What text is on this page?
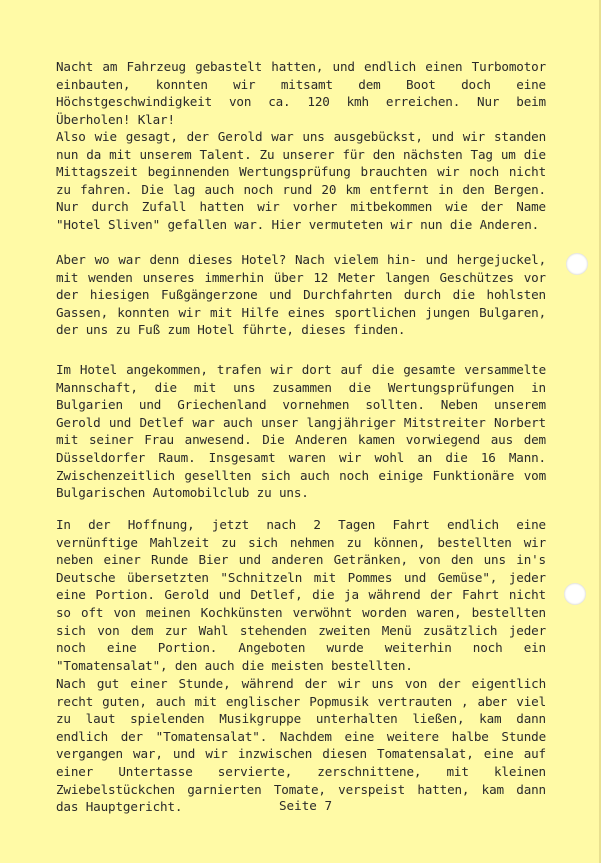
Nacht am Fahrzeug gebastelt hatten, und endlich einen Turbomotor einbauten, konnten wir mitsamt dem Boot doch eine Höchstgeschwindigkeit von ca. 120 kmh erreichen. Nur beim Überholen! Klar!

Also wie gesagt, der Gerold war uns ausgebückst, und wir standen nun da mit unserem Talent. Zu unserer für den nächsten Tag um die Mittagszeit beginnenden Wertungsprüfung brauchten wir noch nicht zu fahren. Die lag auch noch rund 20 km entfernt in den Bergen. Nur durch Zufall hatten wir vorher mitbekommen wie der Name "Hotel Sliven" gefallen war. Hier vermuteten wir nun die Anderen.

Aber wo war denn dieses Hotel? Nach vielem hin- und hergejuckel, mit wenden unseres immerhin über 12 Meter langen Geschützes vor der hiesigen Fußgängerzone und Durchfahrten durch die hohlsten Gassen, konnten wir mit Hilfe eines sportlichen jungen Bulgaren, der uns zu Fuß zum Hotel führte, dieses finden.

Im Hotel angekommen, trafen wir dort auf die gesamte versammelte Mannschaft, die mit uns zusammen die Wertungsprüfungen in Bulgarien und Griechenland vornehmen sollten. Neben unserem Gerold und Detlef war auch unser langjähriger Mitstreiter Norbert mit seiner Frau anwesend. Die Anderen kamen vorwiegend aus dem Düsseldorfer Raum. Insgesamt waren wir wohl an die 16 Mann. Zwischenzeitlich gesellten sich auch noch einige Funktionäre vom Bulgarischen Automobilclub zu uns.

In der Hoffnung, jetzt nach 2 Tagen Fahrt endlich eine vernünftige Mahlzeit zu sich nehmen zu können, bestellten wir neben einer Runde Bier und anderen Getränken, von den uns in's Deutsche übersetzten "Schnitzeln mit Pommes und Gemüse", jeder eine Portion. Gerold und Detlef, die ja während der Fahrt nicht so oft von meinen Kochkünsten verwöhnt worden waren, bestellten sich von dem zur Wahl stehenden zweiten Menü zusätzlich jeder noch eine Portion. Angeboten wurde weiterhin noch ein "Tomatensalat", den auch die meisten bestellten.

Nach gut einer Stunde, während der wir uns von der eigentlich recht guten, auch mit englischer Popmusik vertrauten , aber viel zu laut spielenden Musikgruppe unterhalten ließen, kam dann endlich der "Tomatensalat". Nachdem eine weitere halbe Stunde vergangen war, und wir inzwischen diesen Tomatensalat, eine auf einer Untertasse servierte, zerschnittene, mit kleinen Zwiebelstückchen garnierten Tomate, verspeist hatten, kam dann das Hauptgericht.	Seite 7
